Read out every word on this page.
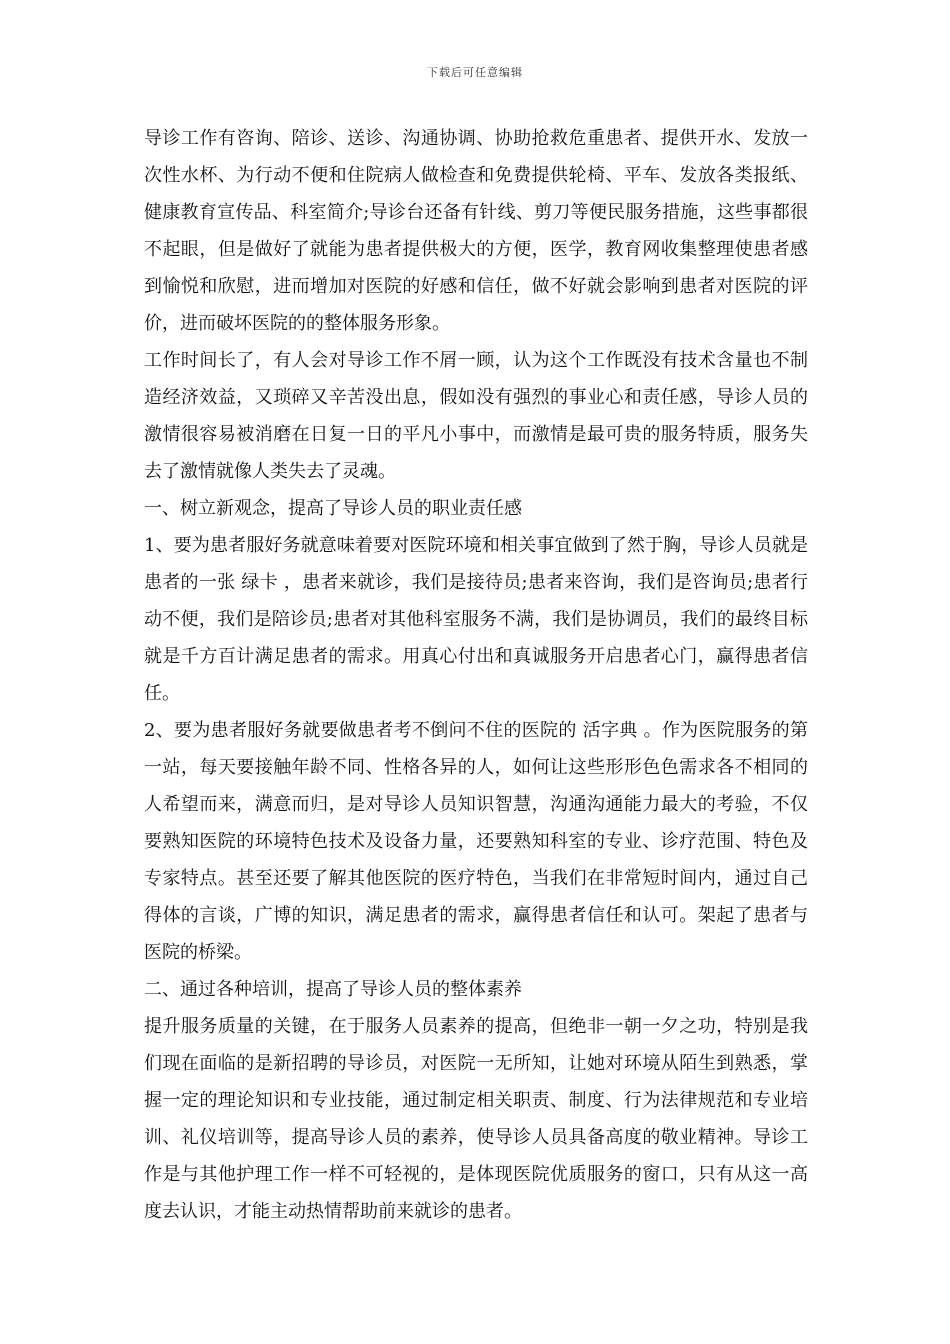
下载后可任意编辑

导诊工作有咨询、陪诊、送诊、沟通协调、协助抢救危重患者、提供开水、发放一次性水杯、为行动不便和住院病人做检查和免费提供轮椅、平车、发放各类报纸、健康教育宣传品、科室简介;导诊台还备有针线、剪刀等便民服务措施，这些事都很不起眼，但是做好了就能为患者提供极大的方便，医学，教育网收集整理使患者感到愉悦和欣慰，进而增加对医院的好感和信任，做不好就会影响到患者对医院的评价，进而破坏医院的的整体服务形象。

工作时间长了，有人会对导诊工作不屑一顾，认为这个工作既没有技术含量也不制造经济效益，又琐碎又辛苦没出息，假如没有强烈的事业心和责任感，导诊人员的激情很容易被消磨在日复一日的平凡小事中，而激情是最可贵的服务特质，服务失去了激情就像人类失去了灵魂。

一、树立新观念，提高了导诊人员的职业责任感

1、要为患者服好务就意味着要对医院环境和相关事宜做到了然于胸，导诊人员就是患者的一张 绿卡 ，患者来就诊，我们是接待员;患者来咨询，我们是咨询员;患者行动不便，我们是陪诊员;患者对其他科室服务不满，我们是协调员，我们的最终目标就是千方百计满足患者的需求。用真心付出和真诚服务开启患者心门，赢得患者信任。

2、要为患者服好务就要做患者考不倒问不住的医院的 活字典 。作为医院服务的第一站，每天要接触年龄不同、性格各异的人，如何让这些形形色色需求各不相同的人希望而来，满意而归，是对导诊人员知识智慧，沟通沟通能力最大的考验，不仅要熟知医院的环境特色技术及设备力量，还要熟知科室的专业、诊疗范围、特色及专家特点。甚至还要了解其他医院的医疗特色，当我们在非常短时间内，通过自己得体的言谈，广博的知识，满足患者的需求，赢得患者信任和认可。架起了患者与医院的桥梁。

二、通过各种培训，提高了导诊人员的整体素养

提升服务质量的关键，在于服务人员素养的提高，但绝非一朝一夕之功，特别是我们现在面临的是新招聘的导诊员，对医院一无所知，让她对环境从陌生到熟悉，掌握一定的理论知识和专业技能，通过制定相关职责、制度、行为法律规范和专业培训、礼仪培训等，提高导诊人员的素养，使导诊人员具备高度的敬业精神。导诊工作是与其他护理工作一样不可轻视的，是体现医院优质服务的窗口，只有从这一高度去认识，才能主动热情帮助前来就诊的患者。
